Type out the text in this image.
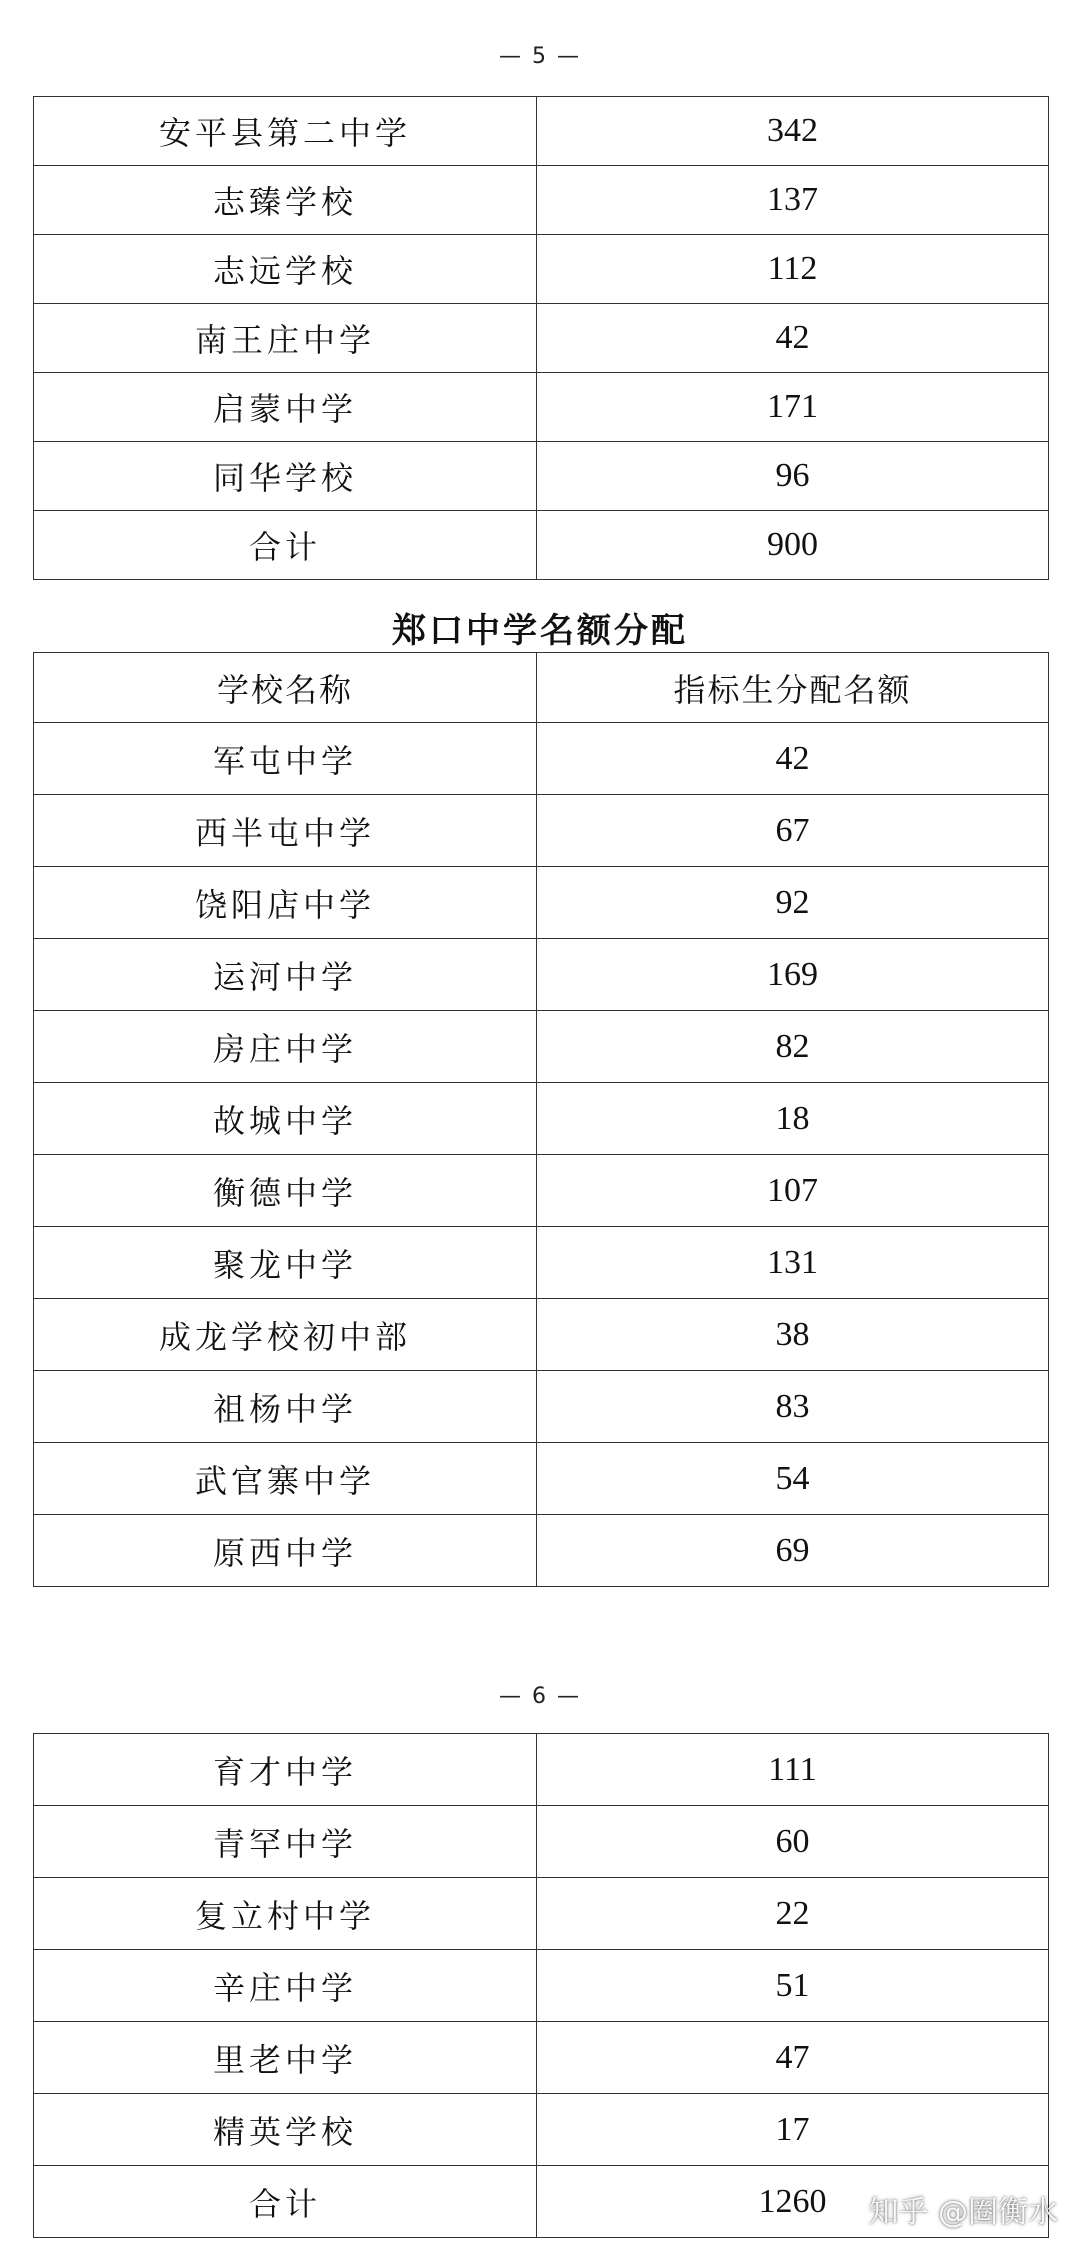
— 5 —
安平县第二中学	342
志臻学校	137
志远学校	112
南王庄中学	42
启蒙中学	171
同华学校	96
合计	900
郑口中学名额分配
学校名称	指标生分配名额
军屯中学	42
西半屯中学	67
饶阳店中学	92
运河中学	169
房庄中学	82
故城中学	18
衡德中学	107
聚龙中学	131
成龙学校初中部	38
祖杨中学	83
武官寨中学	54
原西中学	69
— 6 —
育才中学	111
青罕中学	60
复立村中学	22
辛庄中学	51
里老中学	47
精英学校	17
合计	1260 知乎 @圈衡水
